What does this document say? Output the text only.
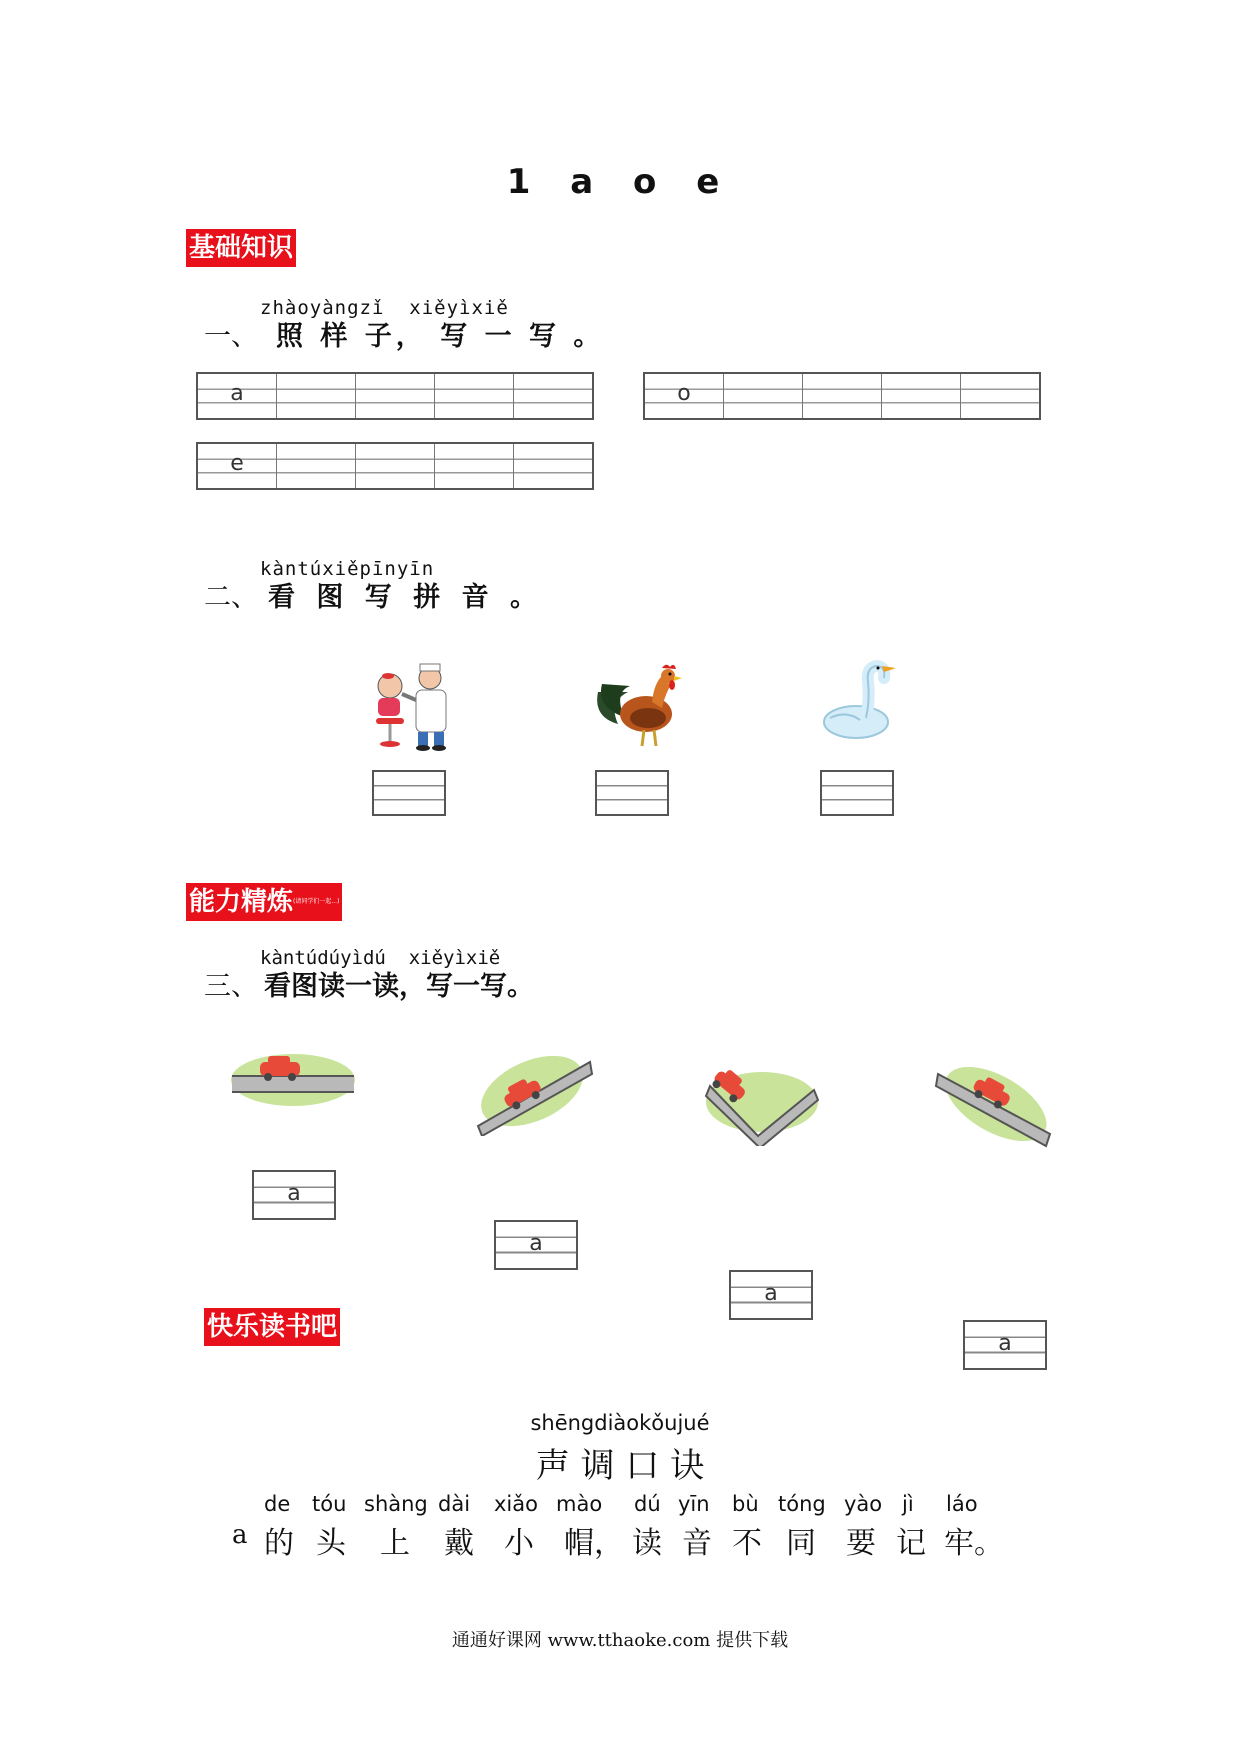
1 a o e
基础知识
zhàoyàngzǐ  xiěyìxiě
一、 照 样 子， 写 一 写 。
a	o
e
kàntúxiěpīnyīn
二、 看 图 写 拼 音 。
能力精炼(请同学们一起...)
kàntúdúyìdú  xiěyìxiě
三、 看图读一读，写一写。
a
a
a
a
快乐读书吧
shēngdiàokǒujué
声 调 口 诀
a
de
的
tóu
头
shàng
上
dài
戴
xiǎo
小
mào
帽，
dú
读
yīn
音
bù
不
tóng
同
yào
要
jì
记
láo
牢。
通通好课网 www.tthaoke.com 提供下载
